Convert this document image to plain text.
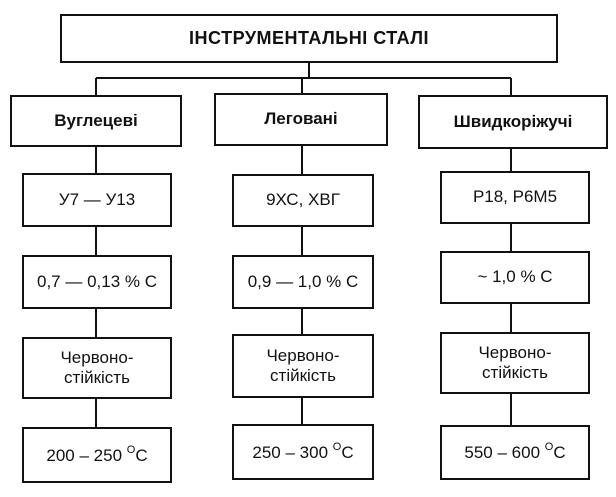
ІНСТРУМЕНТАЛЬНІ СТАЛІ
Вуглецеві
У7 — У13
0,7 — 0,13 % С
Червоно-
стійкість
200 – 250 $^О$С
Леговані
9ХС, ХВГ
0,9 — 1,0 % С
Червоно-
стійкість
250 – 300 $^О$С
Швидкоріжучі
Р18, Р6М5
~ 1,0 % С
Червоно-
стійкість
550 – 600 $^О$С
